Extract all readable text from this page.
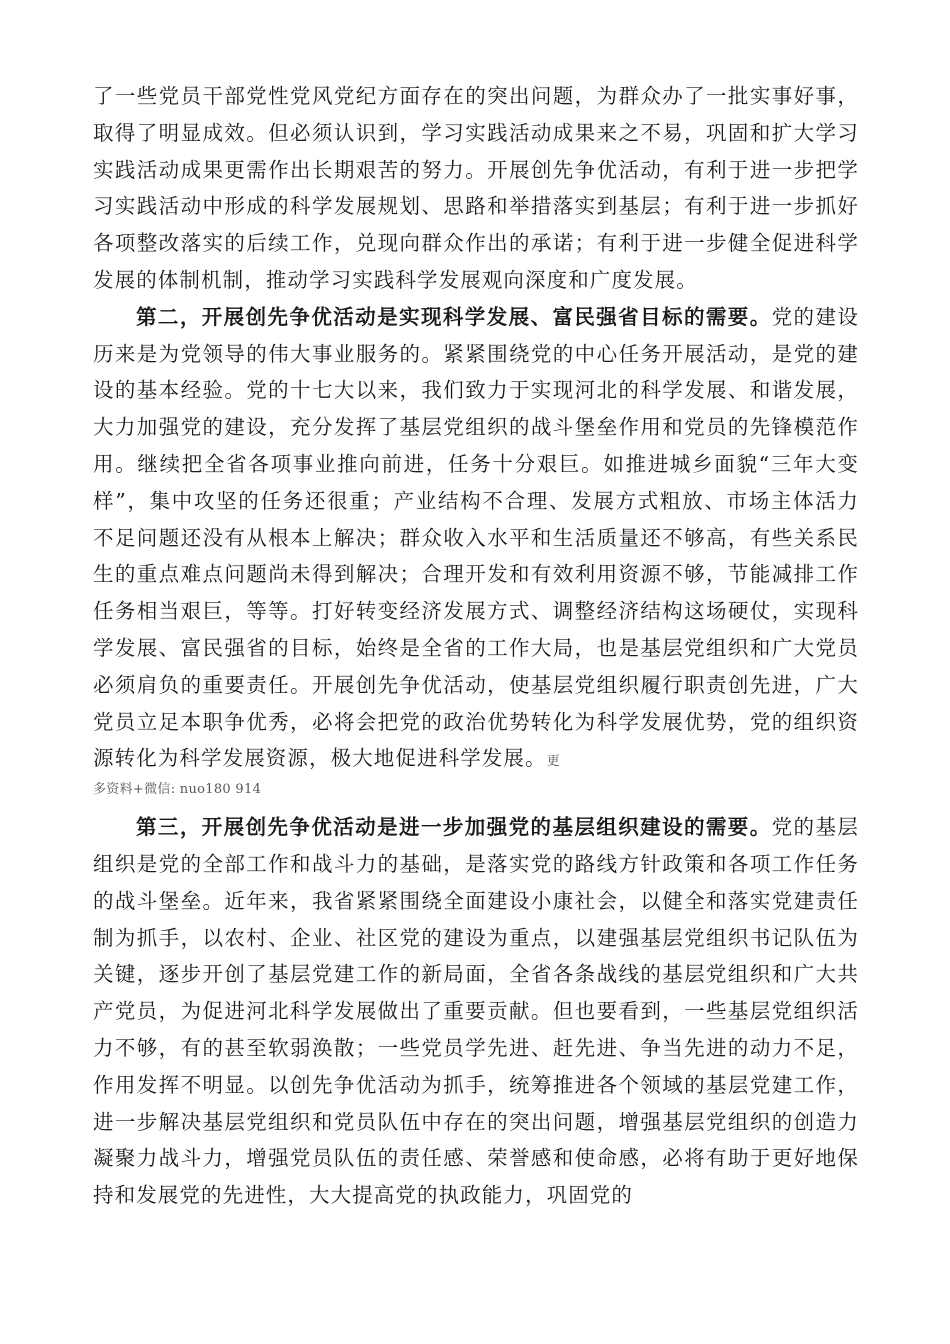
了一些党员干部党性党风党纪方面存在的突出问题，为群众办了一批实事好事，取得了明显成效。但必须认识到，学习实践活动成果来之不易，巩固和扩大学习实践活动成果更需作出长期艰苦的努力。开展创先争优活动，有利于进一步把学习实践活动中形成的科学发展规划、思路和举措落实到基层；有利于进一步抓好各项整改落实的后续工作，兑现向群众作出的承诺；有利于进一步健全促进科学发展的体制机制，推动学习实践科学发展观向深度和广度发展。

第二，开展创先争优活动是实现科学发展、富民强省目标的需要。党的建设历来是为党领导的伟大事业服务的。紧紧围绕党的中心任务开展活动，是党的建设的基本经验。党的十七大以来，我们致力于实现河北的科学发展、和谐发展，大力加强党的建设，充分发挥了基层党组织的战斗堡垒作用和党员的先锋模范作用。继续把全省各项事业推向前进，任务十分艰巨。如推进城乡面貌“三年大变样”，集中攻坚的任务还很重；产业结构不合理、发展方式粗放、市场主体活力不足问题还没有从根本上解决；群众收入水平和生活质量还不够高，有些关系民生的重点难点问题尚未得到解决；合理开发和有效利用资源不够，节能减排工作任务相当艰巨，等等。打好转变经济发展方式、调整经济结构这场硬仗，实现科学发展、富民强省的目标，始终是全省的工作大局，也是基层党组织和广大党员必须肩负的重要责任。开展创先争优活动，使基层党组织履行职责创先进，广大党员立足本职争优秀，必将会把党的政治优势转化为科学发展优势，党的组织资源转化为科学发展资源，极大地促进科学发展。更

多资料+微信: nuo180 914

第三，开展创先争优活动是进一步加强党的基层组织建设的需要。党的基层组织是党的全部工作和战斗力的基础，是落实党的路线方针政策和各项工作任务的战斗堡垒。近年来，我省紧紧围绕全面建设小康社会，以健全和落实党建责任制为抓手，以农村、企业、社区党的建设为重点，以建强基层党组织书记队伍为关键，逐步开创了基层党建工作的新局面，全省各条战线的基层党组织和广大共产党员，为促进河北科学发展做出了重要贡献。但也要看到，一些基层党组织活力不够，有的甚至软弱涣散；一些党员学先进、赶先进、争当先进的动力不足，作用发挥不明显。以创先争优活动为抓手，统筹推进各个领域的基层党建工作，进一步解决基层党组织和党员队伍中存在的突出问题，增强基层党组织的创造力凝聚力战斗力，增强党员队伍的责任感、荣誉感和使命感，必将有助于更好地保持和发展党的先进性，大大提高党的执政能力，巩固党的
